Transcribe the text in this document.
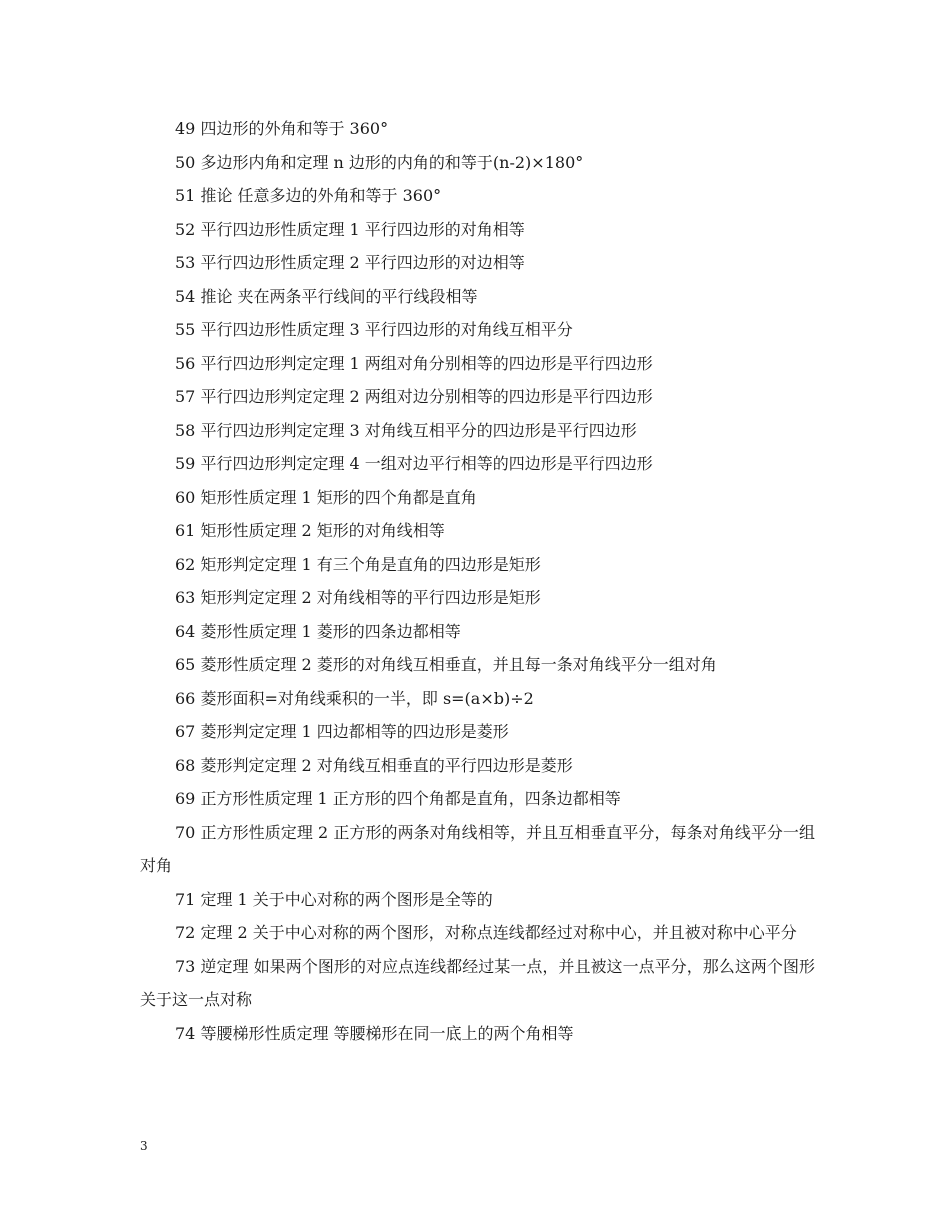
49 四边形的外角和等于 360°

50 多边形内角和定理 n 边形的内角的和等于(n-2)×180°

51 推论 任意多边的外角和等于 360°

52 平行四边形性质定理 1 平行四边形的对角相等

53 平行四边形性质定理 2 平行四边形的对边相等

54 推论 夹在两条平行线间的平行线段相等

55 平行四边形性质定理 3 平行四边形的对角线互相平分

56 平行四边形判定定理 1 两组对角分别相等的四边形是平行四边形

57 平行四边形判定定理 2 两组对边分别相等的四边形是平行四边形

58 平行四边形判定定理 3 对角线互相平分的四边形是平行四边形

59 平行四边形判定定理 4 一组对边平行相等的四边形是平行四边形

60 矩形性质定理 1 矩形的四个角都是直角

61 矩形性质定理 2 矩形的对角线相等

62 矩形判定定理 1 有三个角是直角的四边形是矩形

63 矩形判定定理 2 对角线相等的平行四边形是矩形

64 菱形性质定理 1 菱形的四条边都相等

65 菱形性质定理 2 菱形的对角线互相垂直，并且每一条对角线平分一组对角

66 菱形面积=对角线乘积的一半，即 s=(a×b)÷2

67 菱形判定定理 1 四边都相等的四边形是菱形

68 菱形判定定理 2 对角线互相垂直的平行四边形是菱形

69 正方形性质定理 1 正方形的四个角都是直角，四条边都相等

70 正方形性质定理 2 正方形的两条对角线相等，并且互相垂直平分，每条对角线平分一组对角

71 定理 1 关于中心对称的两个图形是全等的

72 定理 2 关于中心对称的两个图形，对称点连线都经过对称中心，并且被对称中心平分

73 逆定理 如果两个图形的对应点连线都经过某一点，并且被这一点平分，那么这两个图形关于这一点对称

74 等腰梯形性质定理 等腰梯形在同一底上的两个角相等

3
